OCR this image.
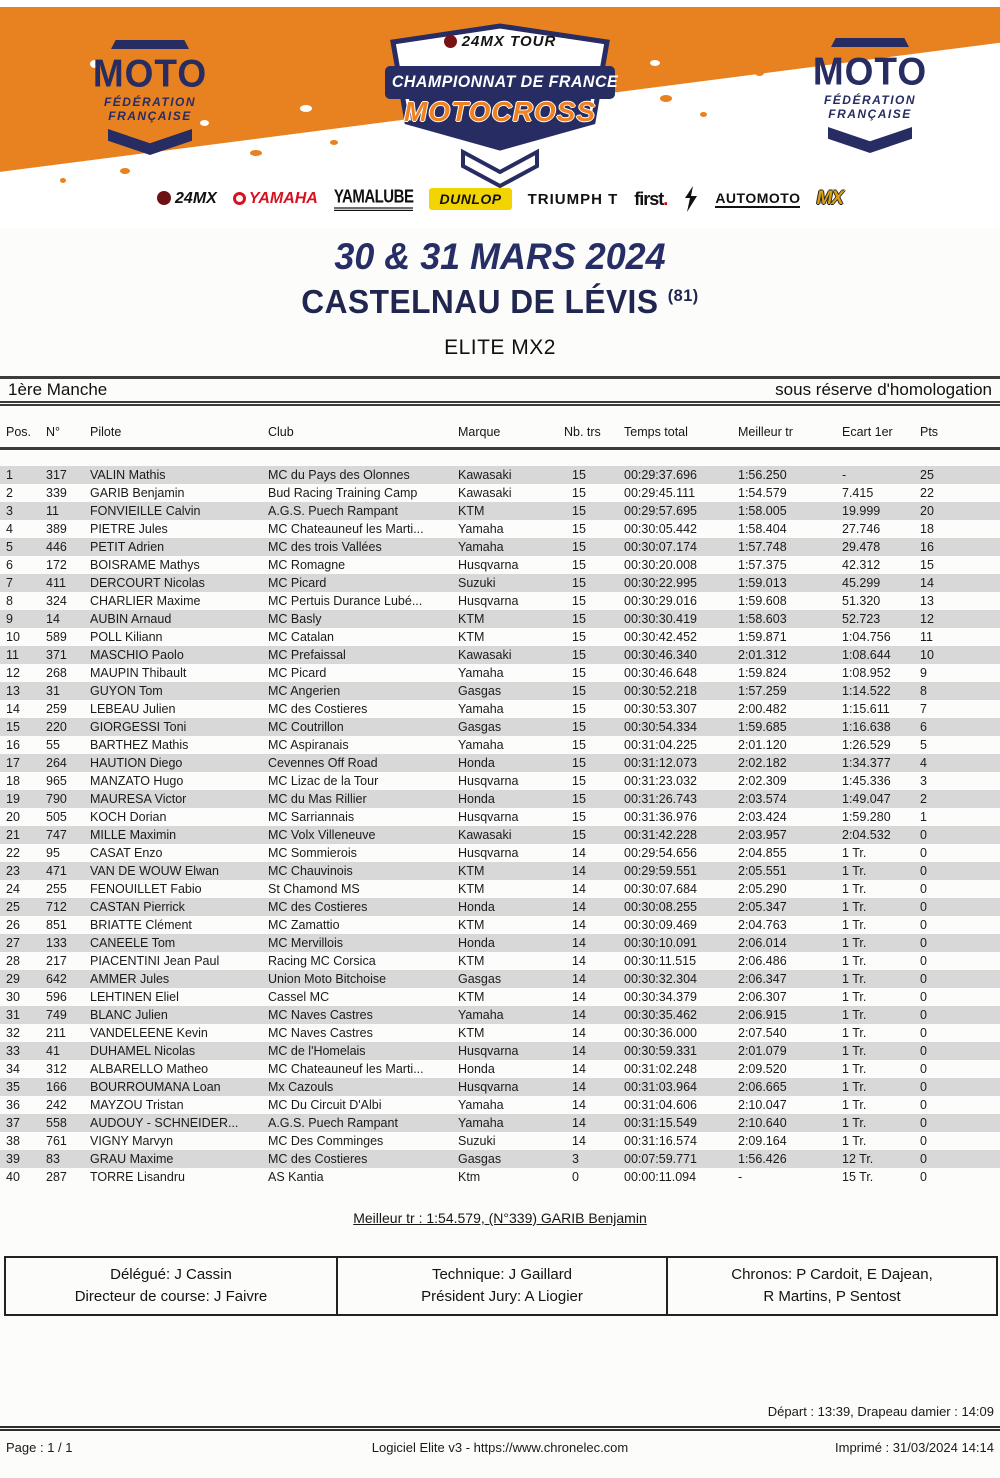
MOTO
FÉDÉRATION
FRANÇAISE
MOTO
FÉDÉRATION
FRANÇAISE
24MX TOUR
CHAMPIONNAT DE FRANCE
MOTOCROSS
24MX	YAMAHA YAMALUBE	DUNLOP	TRIUMPH T first.	AUTOMOTO MX
30 & 31 MARS 2024
CASTELNAU DE LÉVIS $^{(81)}$
ELITE MX2
1ère Manche	sous réserve d'homologation
Pos.	N°	Pilote	Club	Marque	Nb. trs	Temps total	Meilleur tr	Ecart 1er	Pts
1	317	VALIN Mathis	MC du Pays des Olonnes	Kawasaki	15	00:29:37.696	1:56.250	-	25
2	339	GARIB Benjamin	Bud Racing Training Camp	Kawasaki	15	00:29:45.111	1:54.579	7.415	22
3	11	FONVIEILLE Calvin	A.G.S. Puech Rampant	KTM	15	00:29:57.695	1:58.005	19.999	20
4	389	PIETRE Jules	MC Chateauneuf les Marti...	Yamaha	15	00:30:05.442	1:58.404	27.746	18
5	446	PETIT Adrien	MC des trois Vallées	Yamaha	15	00:30:07.174	1:57.748	29.478	16
6	172	BOISRAME Mathys	MC Romagne	Husqvarna	15	00:30:20.008	1:57.375	42.312	15
7	411	DERCOURT Nicolas	MC Picard	Suzuki	15	00:30:22.995	1:59.013	45.299	14
8	324	CHARLIER Maxime	MC Pertuis Durance Lubé...	Husqvarna	15	00:30:29.016	1:59.608	51.320	13
9	14	AUBIN Arnaud	MC Basly	KTM	15	00:30:30.419	1:58.603	52.723	12
10	589	POLL Kiliann	MC Catalan	KTM	15	00:30:42.452	1:59.871	1:04.756	11
11	371	MASCHIO Paolo	MC Prefaissal	Kawasaki	15	00:30:46.340	2:01.312	1:08.644	10
12	268	MAUPIN Thibault	MC Picard	Yamaha	15	00:30:46.648	1:59.824	1:08.952	9
13	31	GUYON Tom	MC Angerien	Gasgas	15	00:30:52.218	1:57.259	1:14.522	8
14	259	LEBEAU Julien	MC des Costieres	Yamaha	15	00:30:53.307	2:00.482	1:15.611	7
15	220	GIORGESSI Toni	MC Coutrillon	Gasgas	15	00:30:54.334	1:59.685	1:16.638	6
16	55	BARTHEZ Mathis	MC Aspiranais	Yamaha	15	00:31:04.225	2:01.120	1:26.529	5
17	264	HAUTION Diego	Cevennes Off Road	Honda	15	00:31:12.073	2:02.182	1:34.377	4
18	965	MANZATO Hugo	MC Lizac de la Tour	Husqvarna	15	00:31:23.032	2:02.309	1:45.336	3
19	790	MAURESA Victor	MC du Mas Rillier	Honda	15	00:31:26.743	2:03.574	1:49.047	2
20	505	KOCH Dorian	MC Sarriannais	Husqvarna	15	00:31:36.976	2:03.424	1:59.280	1
21	747	MILLE Maximin	MC Volx Villeneuve	Kawasaki	15	00:31:42.228	2:03.957	2:04.532	0
22	95	CASAT Enzo	MC Sommierois	Husqvarna	14	00:29:54.656	2:04.855	1 Tr.	0
23	471	VAN DE WOUW Elwan	MC Chauvinois	KTM	14	00:29:59.551	2:05.551	1 Tr.	0
24	255	FENOUILLET Fabio	St Chamond MS	KTM	14	00:30:07.684	2:05.290	1 Tr.	0
25	712	CASTAN Pierrick	MC des Costieres	Honda	14	00:30:08.255	2:05.347	1 Tr.	0
26	851	BRIATTE Clément	MC Zamattio	KTM	14	00:30:09.469	2:04.763	1 Tr.	0
27	133	CANEELE Tom	MC Mervillois	Honda	14	00:30:10.091	2:06.014	1 Tr.	0
28	217	PIACENTINI Jean Paul	Racing MC Corsica	KTM	14	00:30:11.515	2:06.486	1 Tr.	0
29	642	AMMER Jules	Union Moto Bitchoise	Gasgas	14	00:30:32.304	2:06.347	1 Tr.	0
30	596	LEHTINEN Eliel	Cassel MC	KTM	14	00:30:34.379	2:06.307	1 Tr.	0
31	749	BLANC Julien	MC Naves Castres	Yamaha	14	00:30:35.462	2:06.915	1 Tr.	0
32	211	VANDELEENE Kevin	MC Naves Castres	KTM	14	00:30:36.000	2:07.540	1 Tr.	0
33	41	DUHAMEL Nicolas	MC de l'Homelais	Husqvarna	14	00:30:59.331	2:01.079	1 Tr.	0
34	312	ALBARELLO Matheo	MC Chateauneuf les Marti...	Honda	14	00:31:02.248	2:09.520	1 Tr.	0
35	166	BOURROUMANA Loan	Mx Cazouls	Husqvarna	14	00:31:03.964	2:06.665	1 Tr.	0
36	242	MAYZOU Tristan	MC Du Circuit D'Albi	Yamaha	14	00:31:04.606	2:10.047	1 Tr.	0
37	558	AUDOUY - SCHNEIDER...	A.G.S. Puech Rampant	Yamaha	14	00:31:15.549	2:10.640	1 Tr.	0
38	761	VIGNY Marvyn	MC Des Comminges	Suzuki	14	00:31:16.574	2:09.164	1 Tr.	0
39	83	GRAU Maxime	MC des Costieres	Gasgas	3	00:07:59.771	1:56.426	12 Tr.	0
40	287	TORRE Lisandru	AS Kantia	Ktm	0	00:00:11.094	-	15 Tr.	0
Meilleur tr : 1:54.579, (N°339) GARIB Benjamin
Délégué: J Cassin
Directeur de course: J Faivre
Technique: J Gaillard
Président Jury: A Liogier
Chronos: P Cardoit, E Dajean,
R Martins, P Sentost
Départ : 13:39, Drapeau damier : 14:09
Logiciel Elite v3 - https://www.chronelec.com
Page : 1 / 1	Imprimé : 31/03/2024 14:14
